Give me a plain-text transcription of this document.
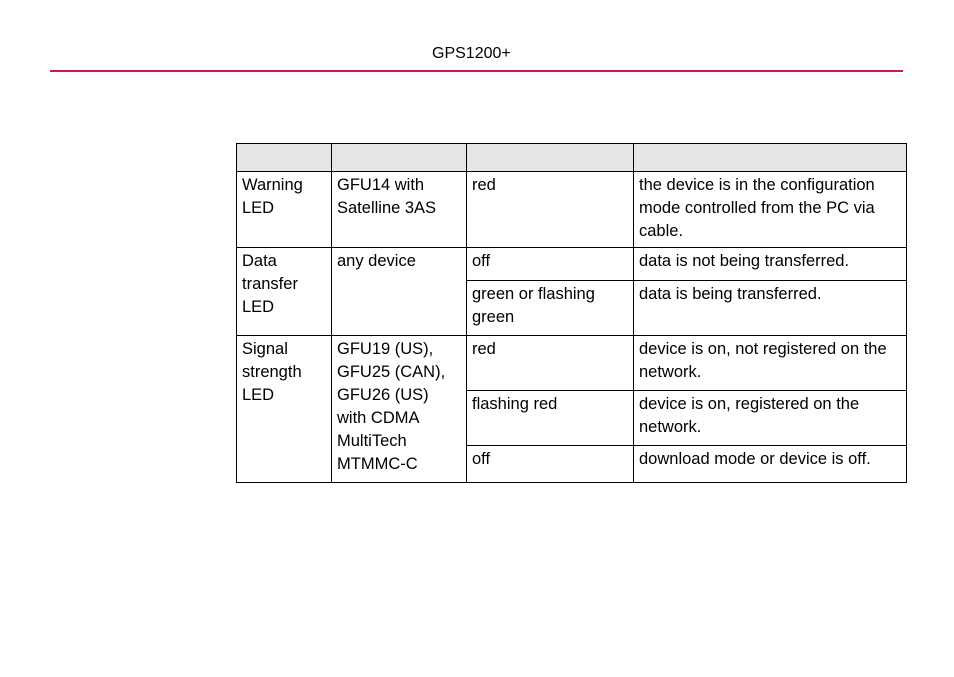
GPS1200+

Warning LED	GFU14 with Satelline 3AS	red	the device is in the configuration mode controlled from the PC via cable.
Data transfer LED	any device	off	data is not being transferred.
		green or flashing green	data is being transferred.
Signal strength LED	GFU19 (US), GFU25 (CAN), GFU26 (US) with CDMA MultiTech MTMMC-C	red	device is on, not registered on the network.
		flashing red	device is on, registered on the network.
		off	download mode or device is off.
